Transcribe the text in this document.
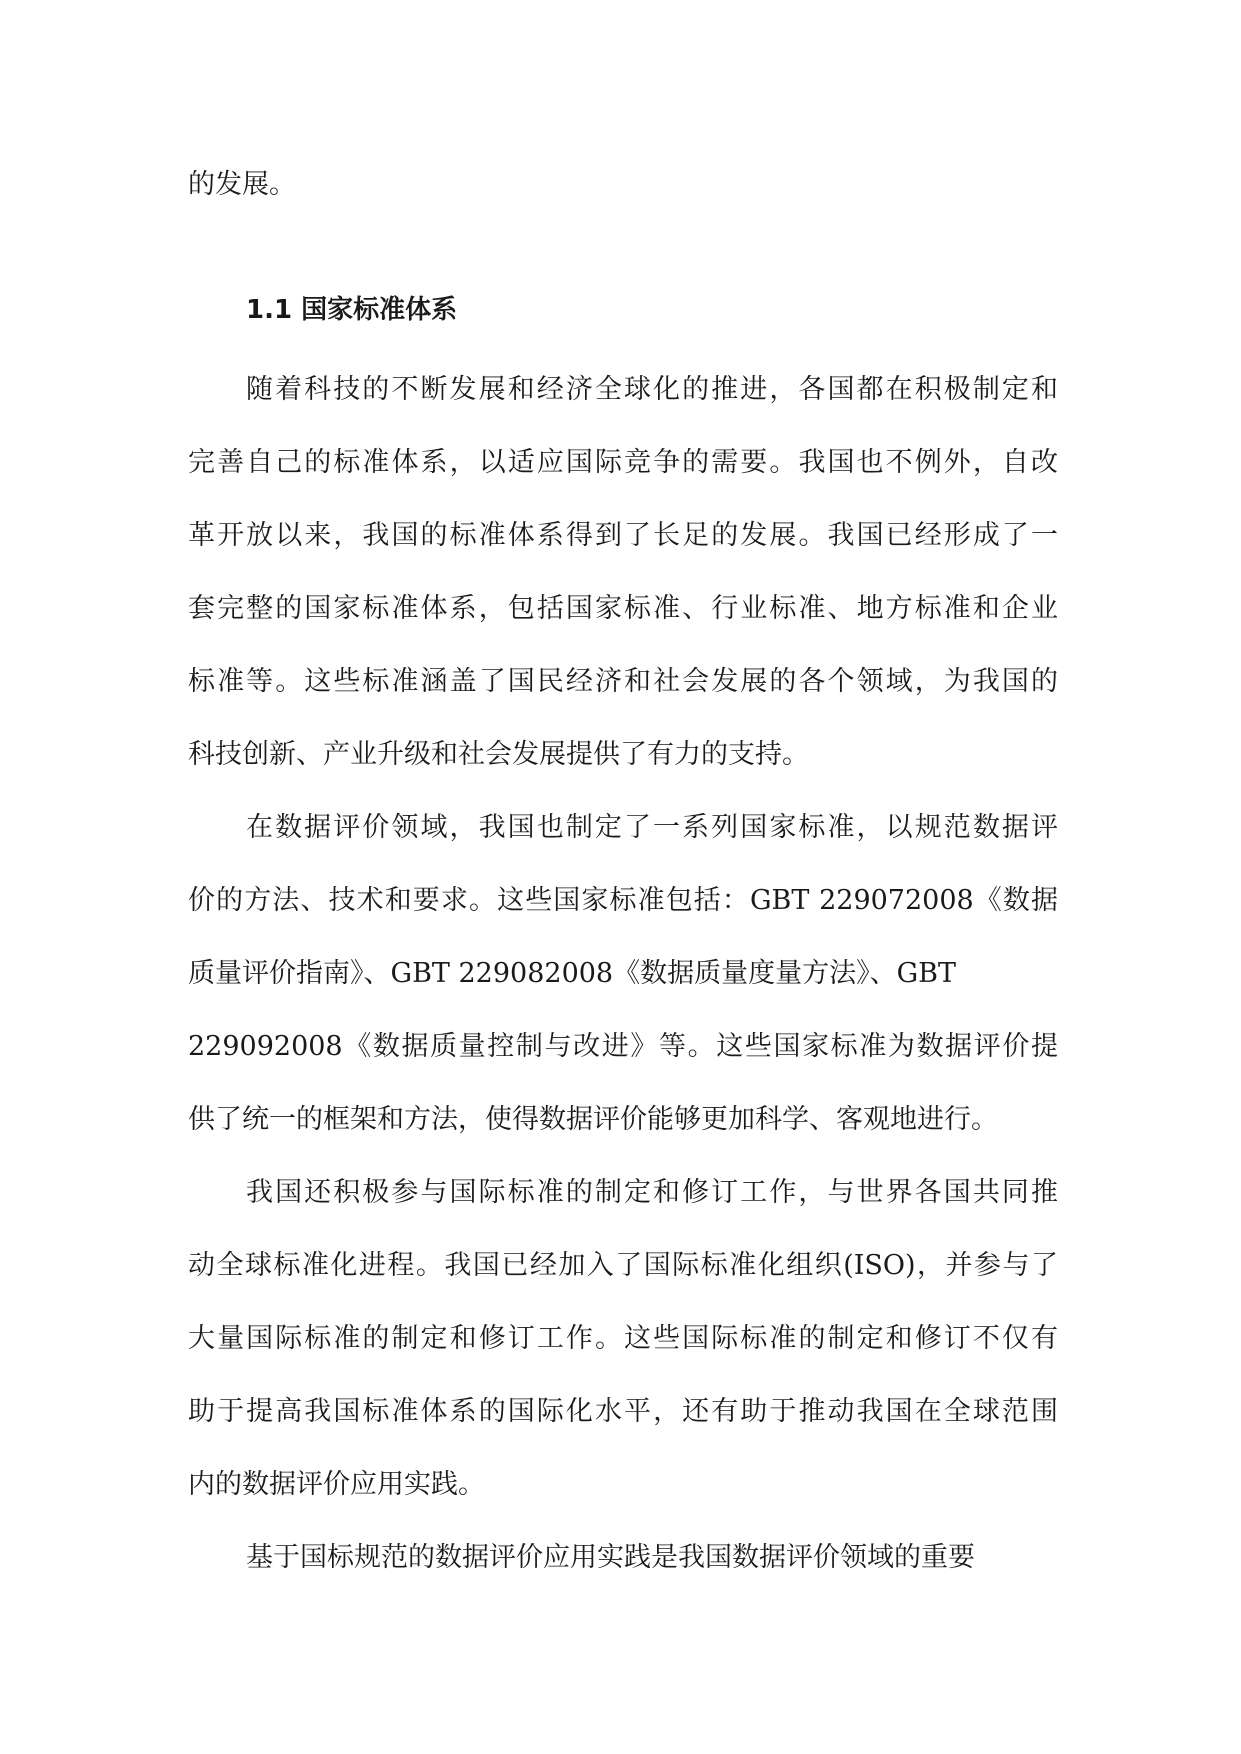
的发展。

1.1 国家标准体系

随着科技的不断发展和经济全球化的推进，各国都在积极制定和
完善自己的标准体系，以适应国际竞争的需要。我国也不例外，自改
革开放以来，我国的标准体系得到了长足的发展。我国已经形成了一
套完整的国家标准体系，包括国家标准、行业标准、地方标准和企业
标准等。这些标准涵盖了国民经济和社会发展的各个领域，为我国的
科技创新、产业升级和社会发展提供了有力的支持。

在数据评价领域，我国也制定了一系列国家标准，以规范数据评
价的方法、技术和要求。这些国家标准包括：GBT 229072008《数据
质量评价指南》、GBT 229082008《数据质量度量方法》、GBT
229092008《数据质量控制与改进》等。这些国家标准为数据评价提
供了统一的框架和方法，使得数据评价能够更加科学、客观地进行。

我国还积极参与国际标准的制定和修订工作，与世界各国共同推
动全球标准化进程。我国已经加入了国际标准化组织(ISO)，并参与了
大量国际标准的制定和修订工作。这些国际标准的制定和修订不仅有
助于提高我国标准体系的国际化水平，还有助于推动我国在全球范围
内的数据评价应用实践。

基于国标规范的数据评价应用实践是我国数据评价领域的重要
